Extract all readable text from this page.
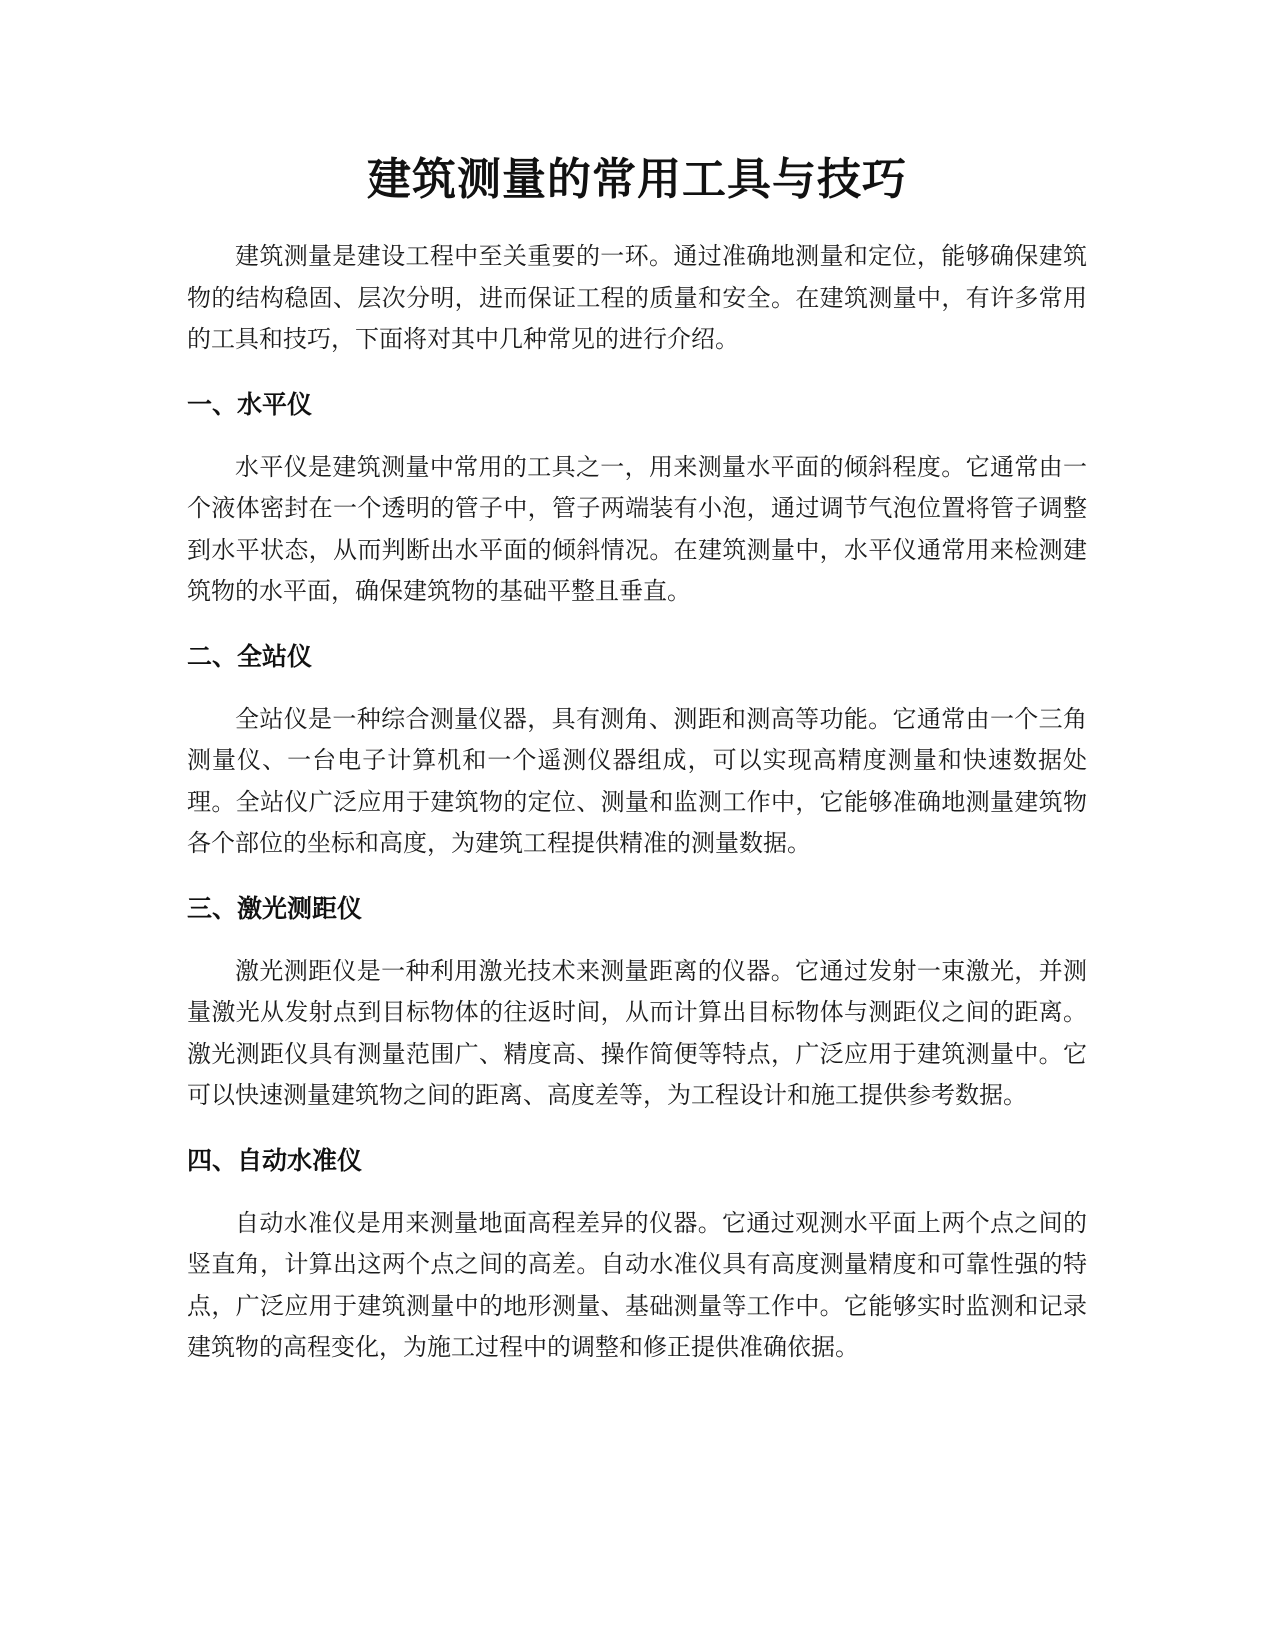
建筑测量的常用工具与技巧

建筑测量是建设工程中至关重要的一环。通过准确地测量和定位，能够确保建筑物的结构稳固、层次分明，进而保证工程的质量和安全。在建筑测量中，有许多常用的工具和技巧，下面将对其中几种常见的进行介绍。

一、水平仪

水平仪是建筑测量中常用的工具之一，用来测量水平面的倾斜程度。它通常由一个液体密封在一个透明的管子中，管子两端装有小泡，通过调节气泡位置将管子调整到水平状态，从而判断出水平面的倾斜情况。在建筑测量中，水平仪通常用来检测建筑物的水平面，确保建筑物的基础平整且垂直。

二、全站仪

全站仪是一种综合测量仪器，具有测角、测距和测高等功能。它通常由一个三角测量仪、一台电子计算机和一个遥测仪器组成，可以实现高精度测量和快速数据处理。全站仪广泛应用于建筑物的定位、测量和监测工作中，它能够准确地测量建筑物各个部位的坐标和高度，为建筑工程提供精准的测量数据。

三、激光测距仪

激光测距仪是一种利用激光技术来测量距离的仪器。它通过发射一束激光，并测量激光从发射点到目标物体的往返时间，从而计算出目标物体与测距仪之间的距离。激光测距仪具有测量范围广、精度高、操作简便等特点，广泛应用于建筑测量中。它可以快速测量建筑物之间的距离、高度差等，为工程设计和施工提供参考数据。

四、自动水准仪

自动水准仪是用来测量地面高程差异的仪器。它通过观测水平面上两个点之间的竖直角，计算出这两个点之间的高差。自动水准仪具有高度测量精度和可靠性强的特点，广泛应用于建筑测量中的地形测量、基础测量等工作中。它能够实时监测和记录建筑物的高程变化，为施工过程中的调整和修正提供准确依据。
